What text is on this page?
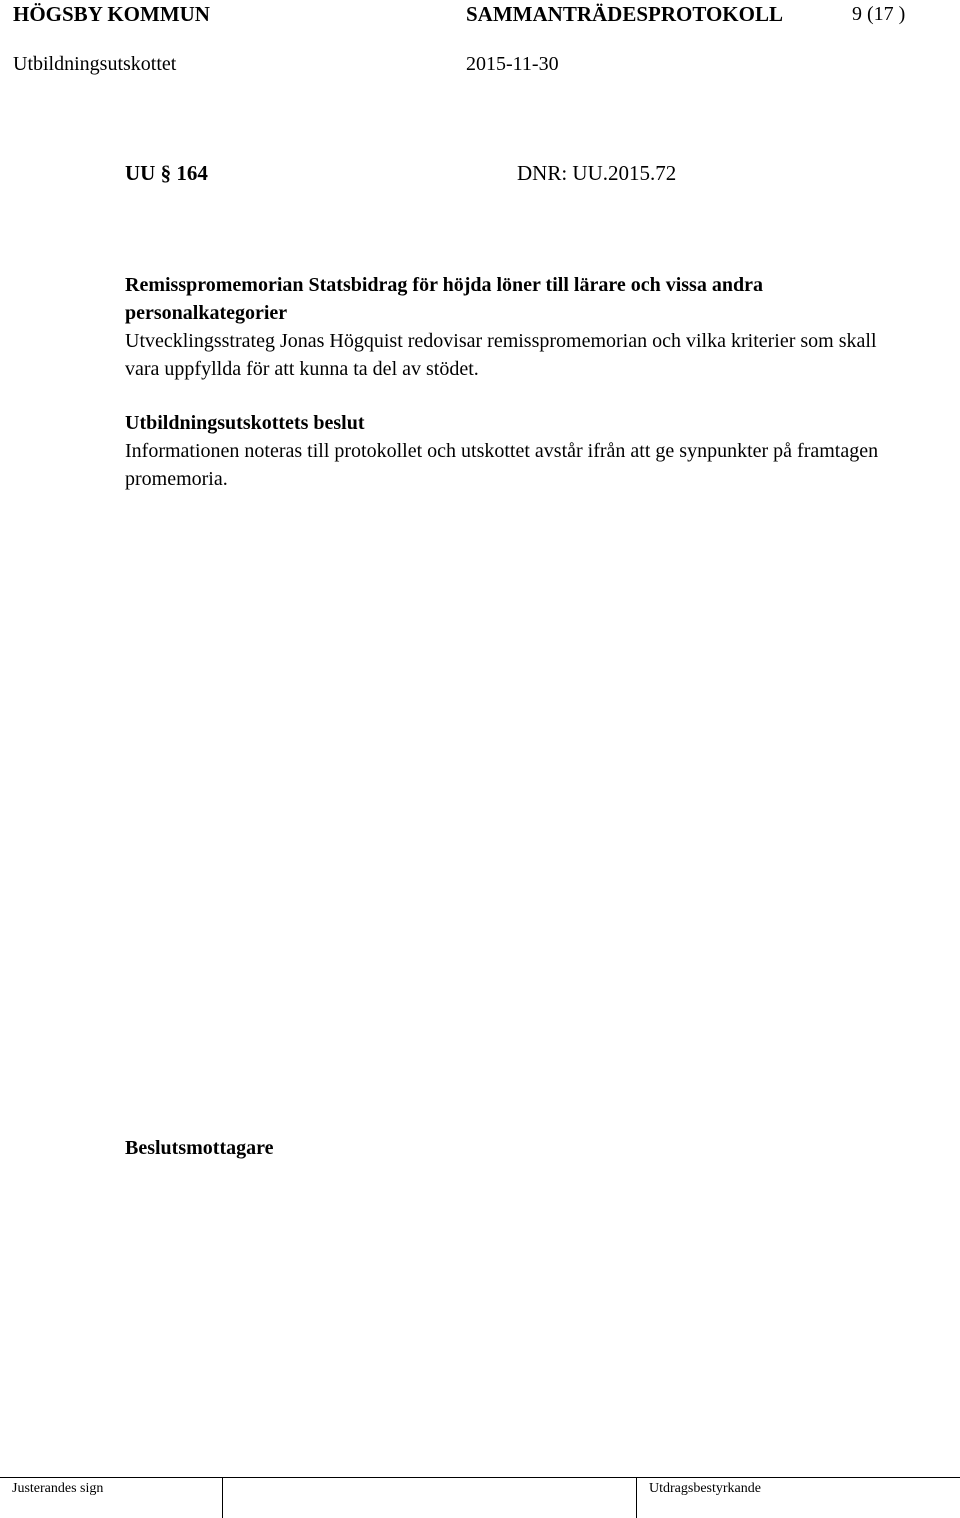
HÖGSBY KOMMUN	SAMMANTRÄDESPROTOKOLL	9 (17 )
Utbildningsutskottet	2015-11-30
UU § 164	DNR: UU.2015.72
Remisspromemorian Statsbidrag för höjda löner till lärare och vissa andra personalkategorier
Utvecklingsstrateg Jonas Högquist redovisar remisspromemorian och vilka kriterier som skall vara uppfyllda för att kunna ta del av stödet.
Utbildningsutskottets beslut
Informationen noteras till protokollet och utskottet avstår ifrån att ge synpunkter på framtagen promemoria.
Beslutsmottagare
Justerandes sign	Utdragsbestyrkande
